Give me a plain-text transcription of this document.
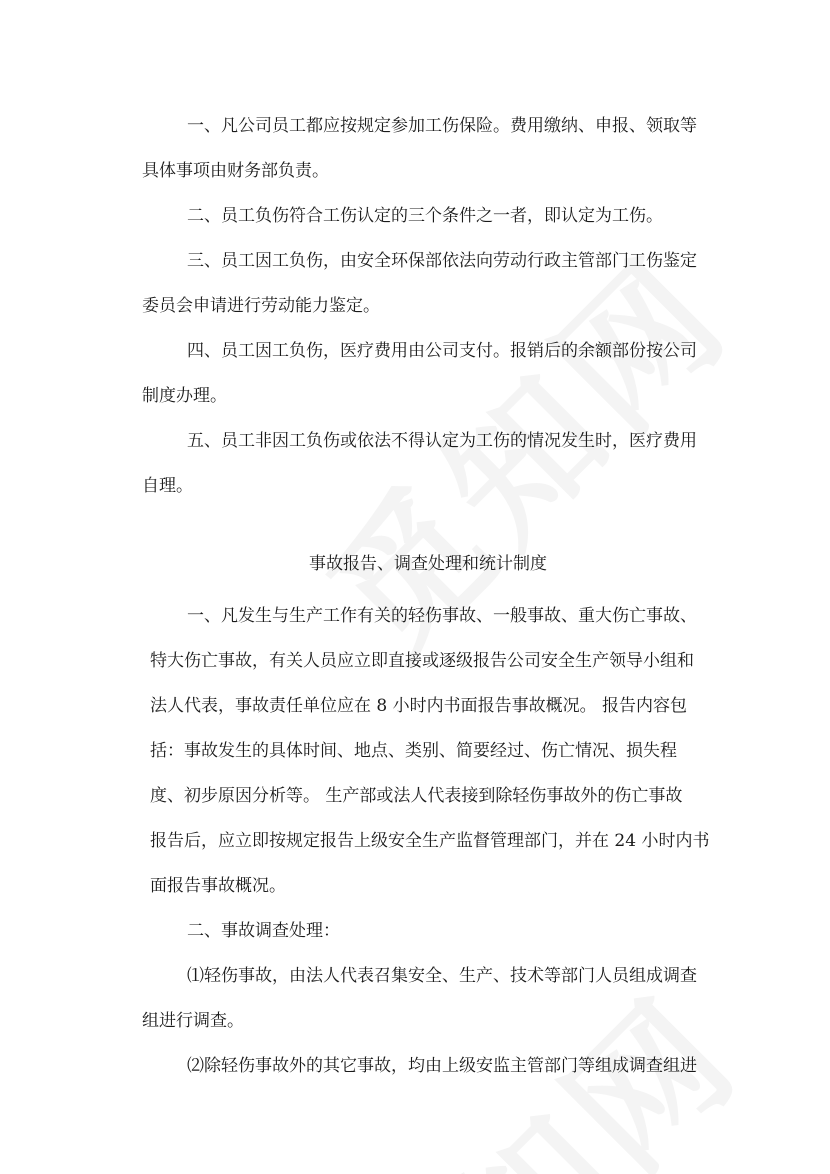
一、凡公司员工都应按规定参加工伤保险。费用缴纳、申报、领取等
具体事项由财务部负责。
二、员工负伤符合工伤认定的三个条件之一者，即认定为工伤。
三、员工因工负伤，由安全环保部依法向劳动行政主管部门工伤鉴定
委员会申请进行劳动能力鉴定。
四、员工因工负伤，医疗费用由公司支付。报销后的余额部份按公司
制度办理。
五、员工非因工负伤或依法不得认定为工伤的情况发生时，医疗费用
自理。
事故报告、调查处理和统计制度
一、凡发生与生产工作有关的轻伤事故、一般事故、重大伤亡事故、
特大伤亡事故，有关人员应立即直接或逐级报告公司安全生产领导小组和
法人代表，事故责任单位应在 8 小时内书面报告事故概况。 报告内容包
括：事故发生的具体时间、地点、类别、简要经过、伤亡情况、损失程
度、初步原因分析等。 生产部或法人代表接到除轻伤事故外的伤亡事故
报告后，应立即按规定报告上级安全生产监督管理部门，并在 24 小时内书
面报告事故概况。
二、事故调查处理：
⑴轻伤事故，由法人代表召集安全、生产、技术等部门人员组成调查
组进行调查。
⑵除轻伤事故外的其它事故，均由上级安监主管部门等组成调查组进
